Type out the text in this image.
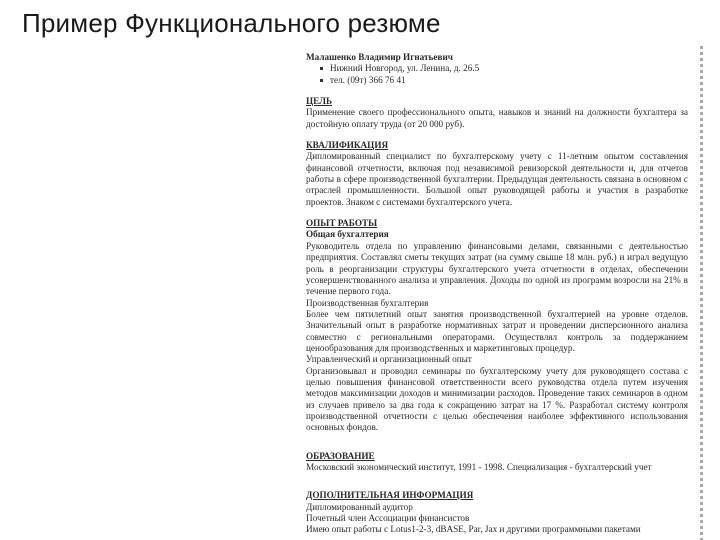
Пример Функционального резюме
Малашенко Владимир Игнатьевич
Нижний Новгород, ул. Ленина, д. 26.5
тел. (09т) 366 76 41
ЦЕЛЬ
Применение своего профессионального опыта, навыков и знаний на должности бухгалтера за достойную оплату труда (от 20 000 руб).
КВАЛИФИКАЦИЯ
Дипломированный специалист по бухгалтерскому учету с 11-летним опытом составления финансовой отчетности, включая под независимой ревизорской деятельности и, для отчетов работы в сфере производственной бухгалтерии. Предыдущая деятельность связана в основном с отраслей промышленности. Большой опыт руководящей работы и участия в разработке проектов. Знаком с системами бухгалтерского учета.
ОПЫТ РАБОТЫ
Общая бухгалтерия
Руководитель отдела по управлению финансовыми делами, связанными с деятельностью предприятия. Составлял сметы текущих затрат (на сумму свыше 18 млн. руб.) и играл ведущую роль в реорганизации структуры бухгалтерского учета отчетности в отделах, обеспечении усовершенствованного анализа и управления. Доходы по одной из программ возросли на 21% в течение первого года.
Производственная бухгалтерия
Более чем пятилетний опыт занятия производственной бухгалтерией на уровне отделов. Значительный опыт в разработке нормативных затрат и проведении дисперсионного анализа совместно с региональными операторами. Осуществлял контроль за поддержанием ценообразования для производственных и маркетинговых процедур.
Управленческий и организационный опыт
Организовывал и проводил семинары по бухгалтерскому учету для руководящего состава с целью повышения финансовой ответственности всего руководства отдела путем изучения методов максимизации доходов и минимизации расходов. Проведение таких семинаров в одном из случаев привело за два года к сокращению затрат на 17 %. Разработал систему контроля производственной отчетности с целью обеспечения наиболее эффективного использования основных фондов.
ОБРАЗОВАНИЕ
Московский экономический институт, 1991 - 1998. Специализация - бухгалтерский учет
ДОПОЛНИТЕЛЬНАЯ ИНФОРМАЦИЯ
Дипломированный аудитор
Почетный член Ассоциации финансистов
Имею опыт работы с Lotus1-2-3, dBASE, Par, Jax и другими программными пакетами
